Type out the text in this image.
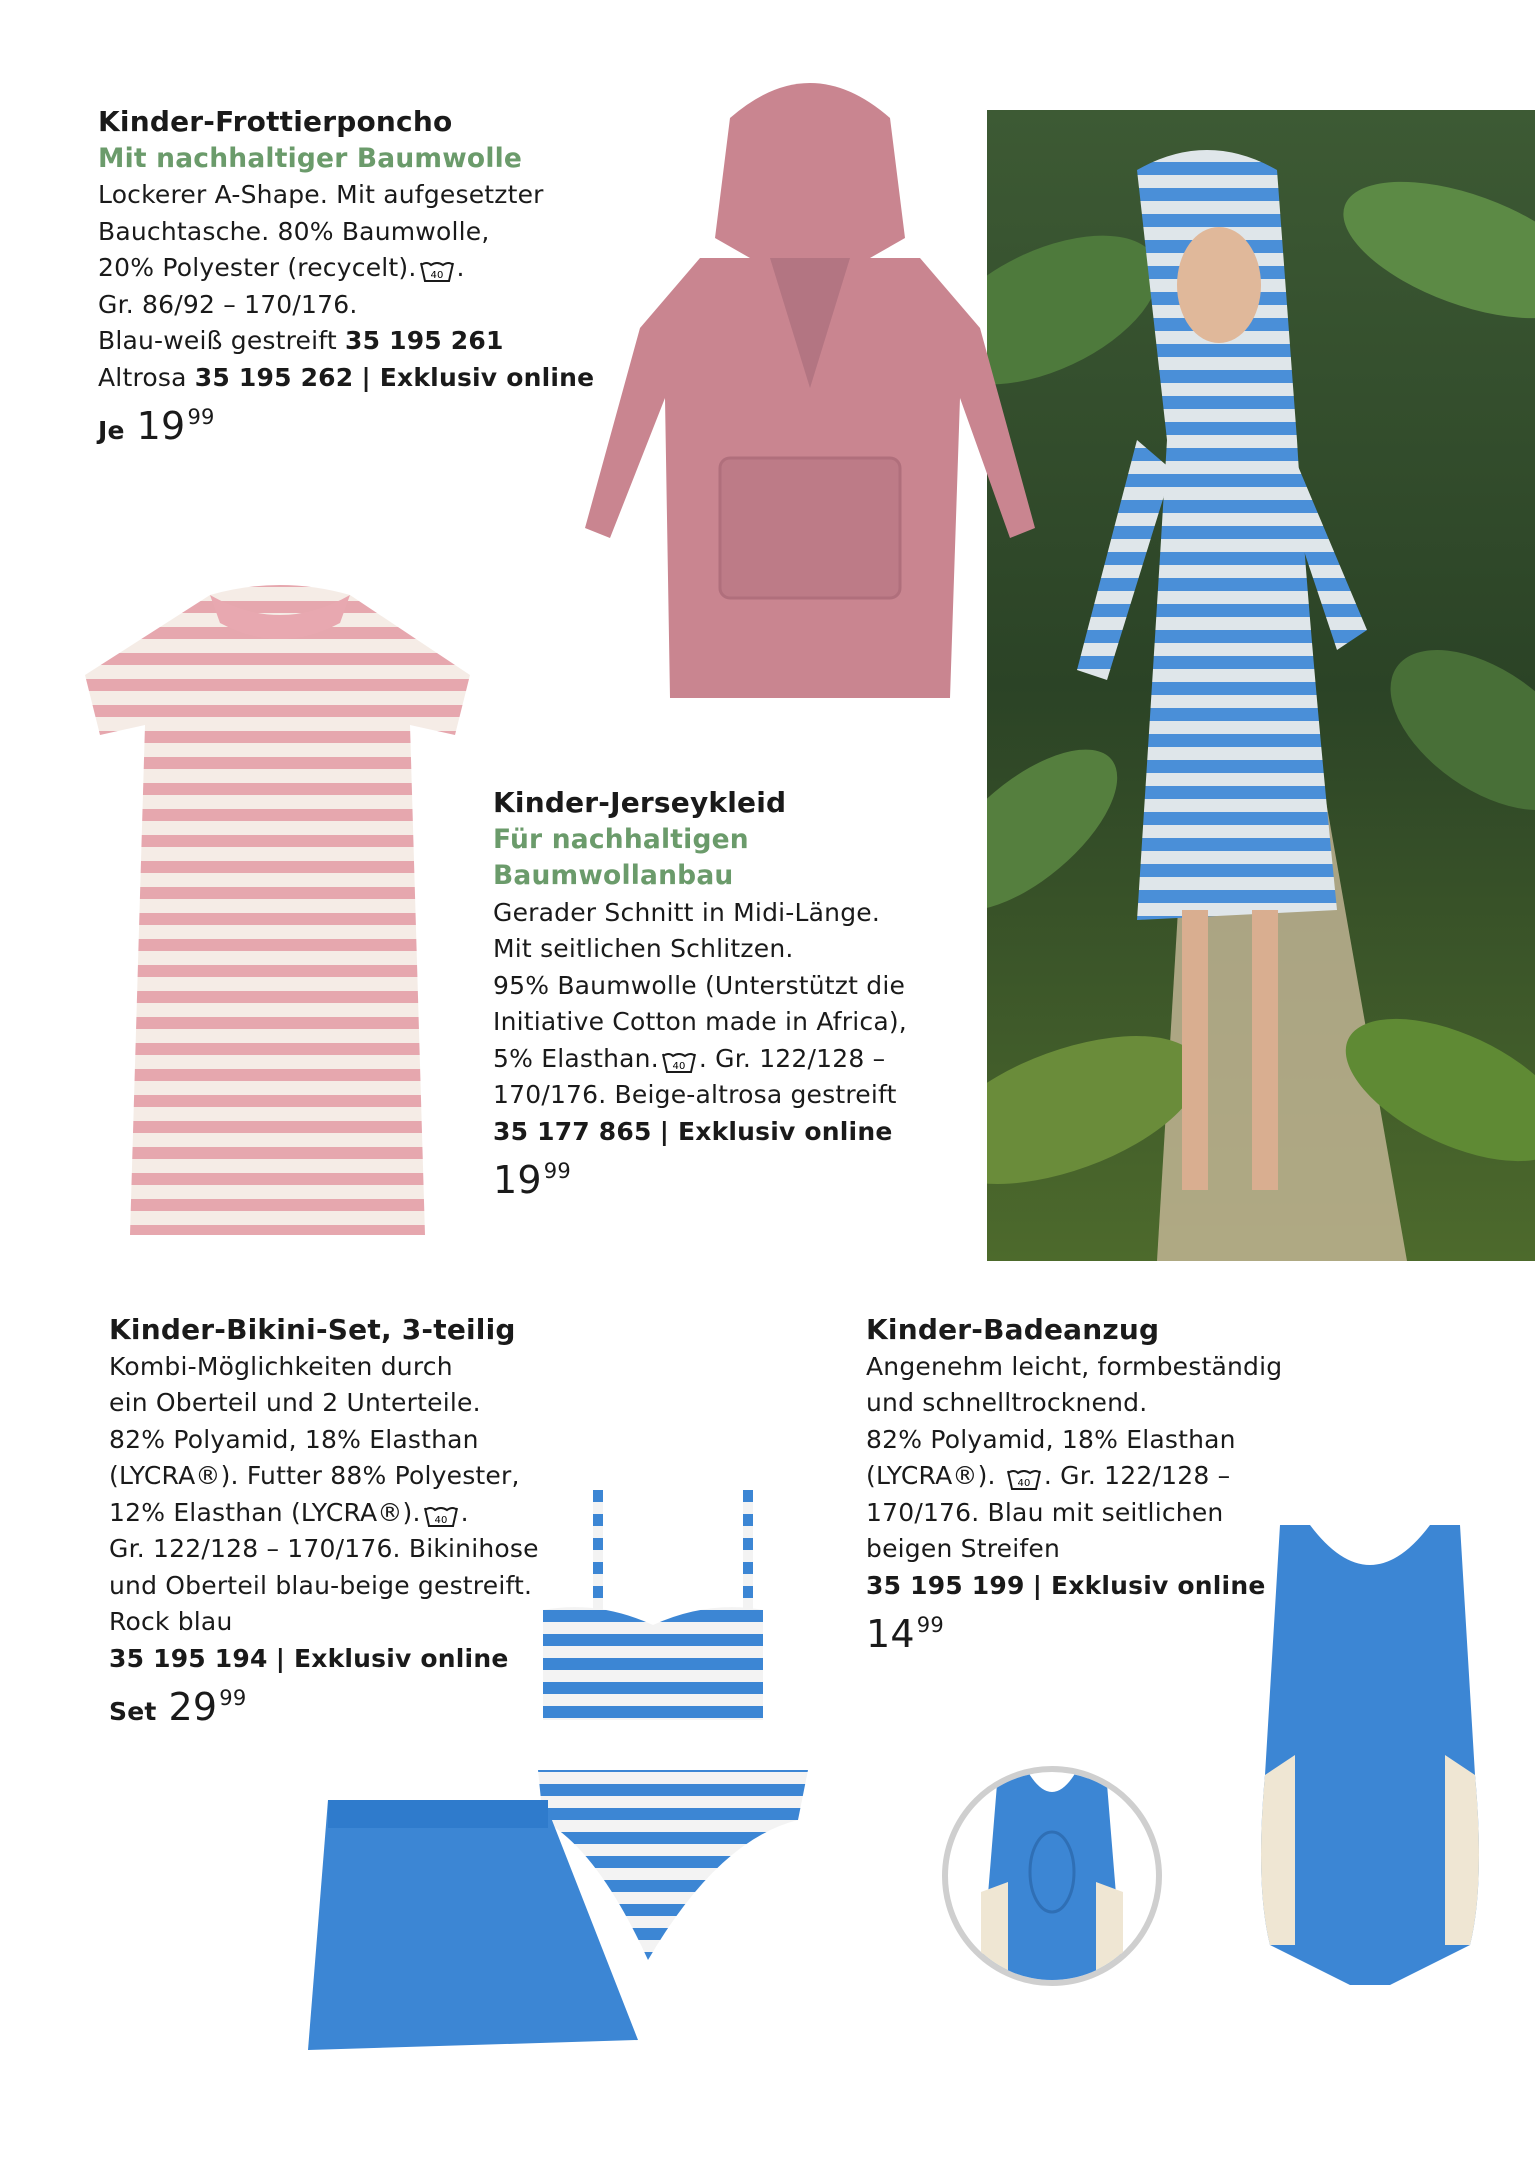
Kinder-Frottierponcho
Mit nachhaltiger Baumwolle
Lockerer A-Shape. Mit aufgesetzter
Bauchtasche. 80% Baumwolle,
20% Polyester (recycelt). 40 .
Gr. 86/92 – 170/176.
Blau-weiß gestreift 35 195 261
Altrosa 35 195 262 | Exklusiv online
Je 19 99
Kinder-Jerseykleid
Für nachhaltigen
Baumwollanbau
Gerader Schnitt in Midi-Länge.
Mit seitlichen Schlitzen.
95% Baumwolle (Unterstützt die
Initiative Cotton made in Africa),
5% Elasthan. 40 . Gr. 122/128 –
170/176. Beige-altrosa gestreift
35 177 865 | Exklusiv online
19 99
Kinder-Bikini-Set, 3-teilig
Kombi-Möglichkeiten durch
ein Oberteil und 2 Unterteile.
82% Polyamid, 18% Elasthan
(LYCRA®). Futter 88% Polyester,
12% Elasthan (LYCRA®). 40 .
Gr. 122/128 – 170/176. Bikinihose
und Oberteil blau-beige gestreift.
Rock blau
35 195 194 | Exklusiv online
Set 29 99
Kinder-Badeanzug
Angenehm leicht, formbeständig
und schnelltrocknend.
82% Polyamid, 18% Elasthan
(LYCRA®). 40 . Gr. 122/128 –
170/176. Blau mit seitlichen
beigen Streifen
35 195 199 | Exklusiv online
14 99
